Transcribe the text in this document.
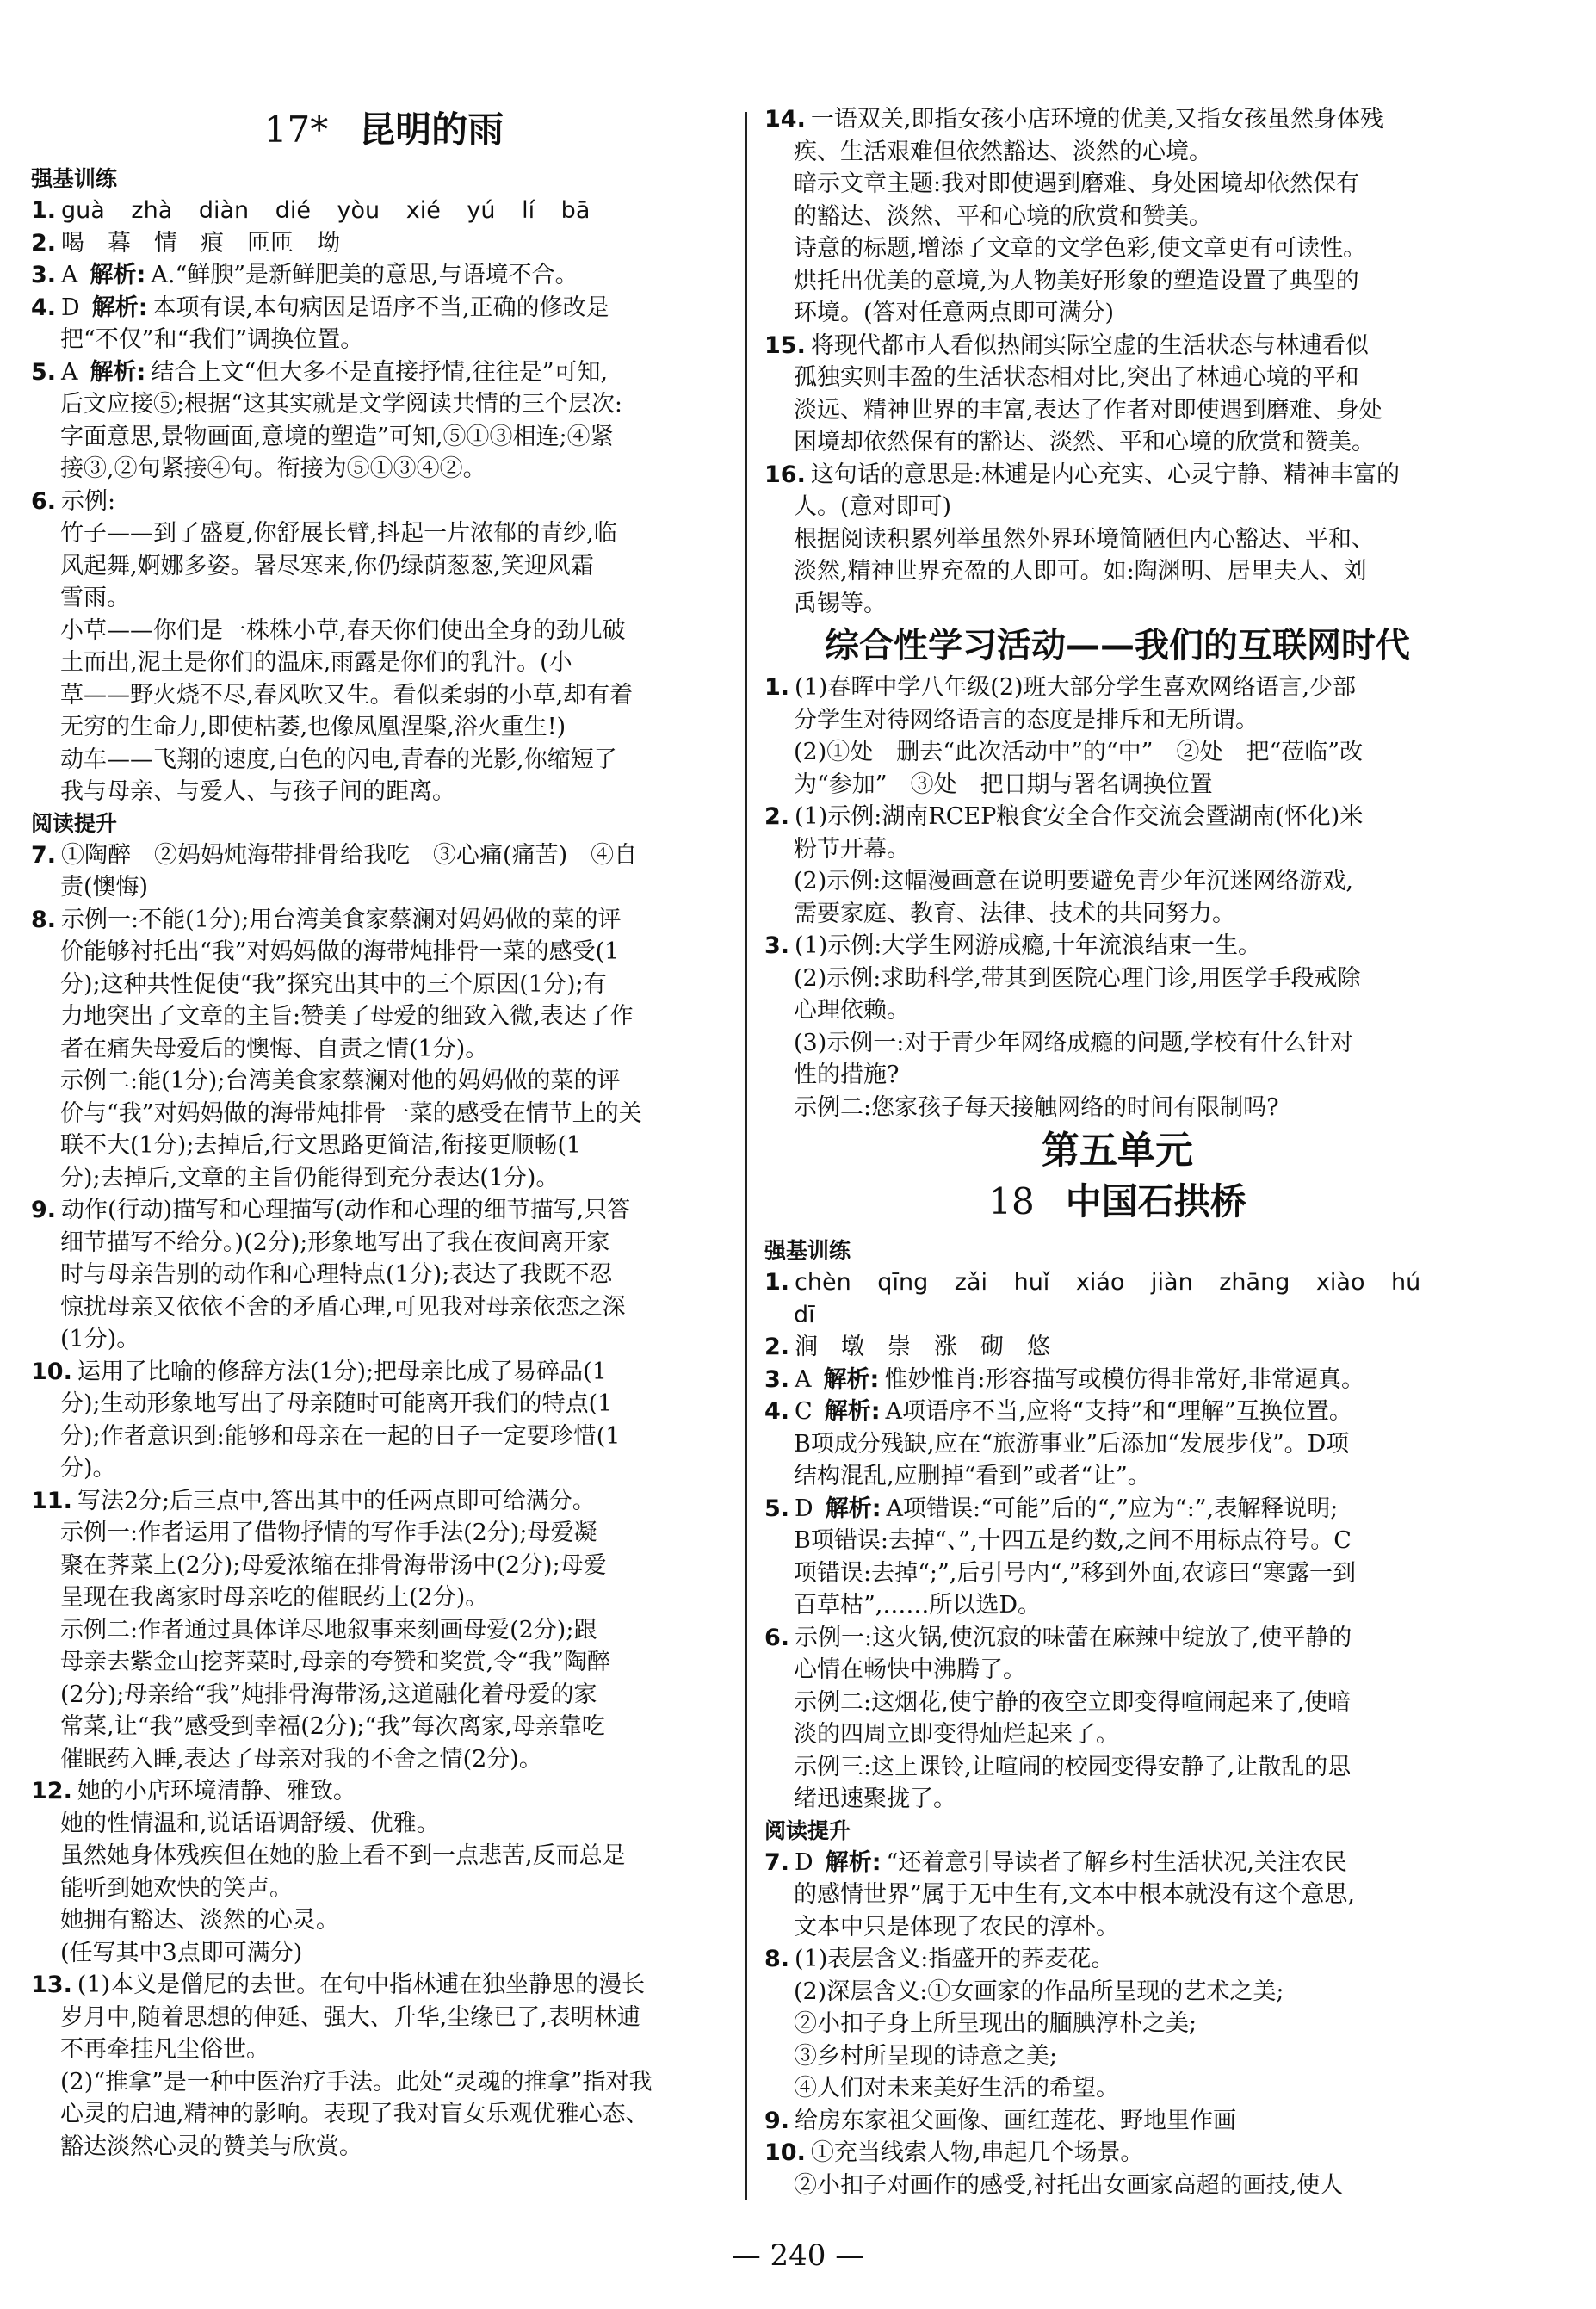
17* 昆明的雨
强基训练

1. guà zhà diàn dié yòu xié yú lí bā

2. 喝　暮　情　痕　匝匝　坳

3. A 解析: A.“鲜腴”是新鲜肥美的意思,与语境不合。

4. D 解析: 本项有误,本句病因是语序不当,正确的修改是

把“不仅”和“我们”调换位置。

5. A 解析: 结合上文“但大多不是直接抒情,往往是”可知,

后文应接⑤;根据“这其实就是文学阅读共情的三个层次:

字面意思,景物画面,意境的塑造”可知,⑤①③相连;④紧

接③,②句紧接④句。衔接为⑤①③④②。

6. 示例:

竹子——到了盛夏,你舒展长臂,抖起一片浓郁的青纱,临

风起舞,婀娜多姿。暑尽寒来,你仍绿荫葱葱,笑迎风霜

雪雨。

小草——你们是一株株小草,春天你们使出全身的劲儿破

土而出,泥土是你们的温床,雨露是你们的乳汁。(小

草——野火烧不尽,春风吹又生。看似柔弱的小草,却有着

无穷的生命力,即使枯萎,也像凤凰涅槃,浴火重生!)

动车——飞翔的速度,白色的闪电,青春的光影,你缩短了

我与母亲、与爱人、与孩子间的距离。

阅读提升

7. ①陶醉　②妈妈炖海带排骨给我吃　③心痛(痛苦)　④自

责(懊悔)

8. 示例一:不能(1分);用台湾美食家蔡澜对妈妈做的菜的评

价能够衬托出“我”对妈妈做的海带炖排骨一菜的感受(1

分);这种共性促使“我”探究出其中的三个原因(1分);有

力地突出了文章的主旨:赞美了母爱的细致入微,表达了作

者在痛失母爱后的懊悔、自责之情(1分)。

示例二:能(1分);台湾美食家蔡澜对他的妈妈做的菜的评

价与“我”对妈妈做的海带炖排骨一菜的感受在情节上的关

联不大(1分);去掉后,行文思路更简洁,衔接更顺畅(1

分);去掉后,文章的主旨仍能得到充分表达(1分)。

9. 动作(行动)描写和心理描写(动作和心理的细节描写,只答

细节描写不给分。)(2分);形象地写出了我在夜间离开家

时与母亲告别的动作和心理特点(1分);表达了我既不忍

惊扰母亲又依依不舍的矛盾心理,可见我对母亲依恋之深

(1分)。

10. 运用了比喻的修辞方法(1分);把母亲比成了易碎品(1

分);生动形象地写出了母亲随时可能离开我们的特点(1

分);作者意识到:能够和母亲在一起的日子一定要珍惜(1

分)。

11. 写法2分;后三点中,答出其中的任两点即可给满分。

示例一:作者运用了借物抒情的写作手法(2分);母爱凝

聚在荠菜上(2分);母爱浓缩在排骨海带汤中(2分);母爱

呈现在我离家时母亲吃的催眠药上(2分)。

示例二:作者通过具体详尽地叙事来刻画母爱(2分);跟

母亲去紫金山挖荠菜时,母亲的夸赞和奖赏,令“我”陶醉

(2分);母亲给“我”炖排骨海带汤,这道融化着母爱的家

常菜,让“我”感受到幸福(2分);“我”每次离家,母亲靠吃

催眠药入睡,表达了母亲对我的不舍之情(2分)。

12. 她的小店环境清静、雅致。

她的性情温和,说话语调舒缓、优雅。

虽然她身体残疾但在她的脸上看不到一点悲苦,反而总是

能听到她欢快的笑声。

她拥有豁达、淡然的心灵。

(任写其中3点即可满分)

13. (1)本义是僧尼的去世。在句中指林逋在独坐静思的漫长

岁月中,随着思想的伸延、强大、升华,尘缘已了,表明林逋

不再牵挂凡尘俗世。

(2)“推拿”是一种中医治疗手法。此处“灵魂的推拿”指对我

心灵的启迪,精神的影响。表现了我对盲女乐观优雅心态、

豁达淡然心灵的赞美与欣赏。

14. 一语双关,即指女孩小店环境的优美,又指女孩虽然身体残

疾、生活艰难但依然豁达、淡然的心境。

暗示文章主题:我对即使遇到磨难、身处困境却依然保有

的豁达、淡然、平和心境的欣赏和赞美。

诗意的标题,增添了文章的文学色彩,使文章更有可读性。

烘托出优美的意境,为人物美好形象的塑造设置了典型的

环境。(答对任意两点即可满分)

15. 将现代都市人看似热闹实际空虚的生活状态与林逋看似

孤独实则丰盈的生活状态相对比,突出了林逋心境的平和

淡远、精神世界的丰富,表达了作者对即使遇到磨难、身处

困境却依然保有的豁达、淡然、平和心境的欣赏和赞美。

16. 这句话的意思是:林逋是内心充实、心灵宁静、精神丰富的

人。(意对即可)

根据阅读积累列举虽然外界环境简陋但内心豁达、平和、

淡然,精神世界充盈的人即可。如:陶渊明、居里夫人、刘

禹锡等。

综合性学习活动——我们的互联网时代

1. (1)春晖中学八年级(2)班大部分学生喜欢网络语言,少部

分学生对待网络语言的态度是排斥和无所谓。

(2)①处　删去“此次活动中”的“中”　②处　把“莅临”改

为“参加”　③处　把日期与署名调换位置

2. (1)示例:湖南RCEP粮食安全合作交流会暨湖南(怀化)米

粉节开幕。

(2)示例:这幅漫画意在说明要避免青少年沉迷网络游戏,

需要家庭、教育、法律、技术的共同努力。

3. (1)示例:大学生网游成瘾,十年流浪结束一生。

(2)示例:求助科学,带其到医院心理门诊,用医学手段戒除

心理依赖。

(3)示例一:对于青少年网络成瘾的问题,学校有什么针对

性的措施?

示例二:您家孩子每天接触网络的时间有限制吗?

第五单元
18 中国石拱桥
强基训练

1. chèn qīng zǎi huǐ xiáo jiàn zhāng xiào hú

dī

2. 涧　墩　崇　涨　砌　悠

3. A 解析: 惟妙惟肖:形容描写或模仿得非常好,非常逼真。

4. C 解析: A项语序不当,应将“支持”和“理解”互换位置。

B项成分残缺,应在“旅游事业”后添加“发展步伐”。D项

结构混乱,应删掉“看到”或者“让”。

5. D 解析: A项错误:“可能”后的“,”应为“:”,表解释说明;

B项错误:去掉“、”,十四五是约数,之间不用标点符号。C

项错误:去掉“;”,后引号内“,”移到外面,农谚曰“寒露一到

百草枯”,……所以选D。

6. 示例一:这火锅,使沉寂的味蕾在麻辣中绽放了,使平静的

心情在畅快中沸腾了。

示例二:这烟花,使宁静的夜空立即变得喧闹起来了,使暗

淡的四周立即变得灿烂起来了。

示例三:这上课铃,让喧闹的校园变得安静了,让散乱的思

绪迅速聚拢了。

阅读提升

7. D 解析: “还着意引导读者了解乡村生活状况,关注农民

的感情世界”属于无中生有,文本中根本就没有这个意思,

文本中只是体现了农民的淳朴。

8. (1)表层含义:指盛开的荞麦花。

(2)深层含义:①女画家的作品所呈现的艺术之美;

②小扣子身上所呈现出的腼腆淳朴之美;

③乡村所呈现的诗意之美;

④人们对未来美好生活的希望。

9. 给房东家祖父画像、画红莲花、野地里作画

10. ①充当线索人物,串起几个场景。

②小扣子对画作的感受,衬托出女画家高超的画技,使人

— 240 —
